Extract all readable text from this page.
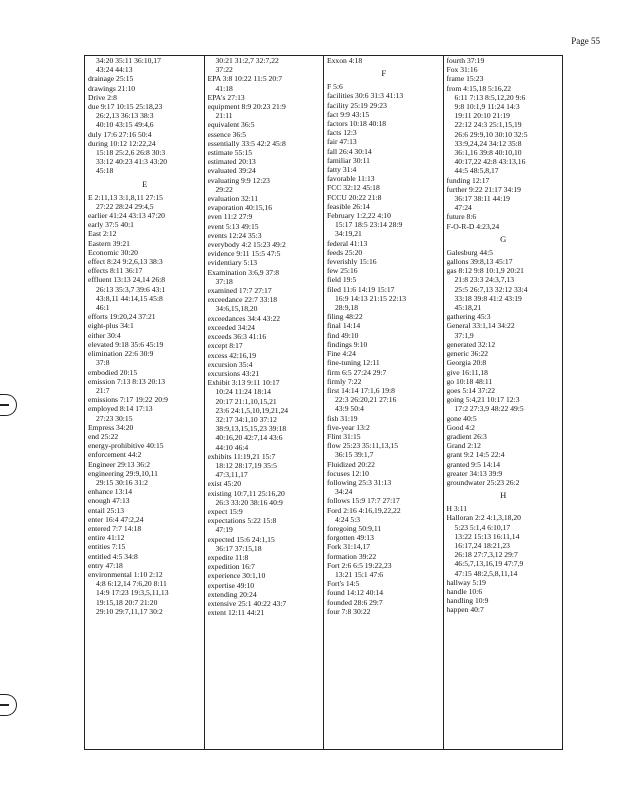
Page 55
34:20 35:11 36:10,17
43:24 44:13
drainage 25:15
drawings 21:10
Drive 2:8
due 9:17 10:15 25:18,23
26:2,13 36:13 38:3
40:10 43:15 49:4,6
duly 17:6 27:16 50:4
during 10:12 12:22,24
15:18 25:2,6 26:8 30:3
33:12 40:23 41:3 43:20
45:18
E
E 2:11,13 3:1,8,11 27:15
27:22 28:24 29:4,5
earlier 41:24 43:13 47:20
early 37:5 40:1
East 2:12
Eastern 39:21
Economic 30:20
effect 8:24 9:2,6,13 38:3
effects 8:11 36:17
effluent 13:13 24,14 26:8
26:13 35:3,7 39:6 43:1
43:8,11 44:14,15 45:8
46:1
efforts 19:20,24 37:21
eight-plus 34:1
either 30:4
elevated 9:18 35:6 45:19
elimination 22:6 30:9
37:8
embodied 20:15
emission 7:13 8:13 20:13
21:7
emissions 7:17 19:22 20:9
employed 8:14 17:13
27:23 30:15
Empress 34:20
end 25:22
energy-prohibitive 40:15
enforcement 44:2
Engineer 29:13 36:2
engineering 29:9,10,11
29:15 30:16 31:2
enhance 13:14
enough 47:13
entail 25:13
enter 16:4 47:2,24
entered 7:7 14:18
entire 41:12
entities 7:15
entitled 4:5 34:8
entry 47:18
environmental 1:10 2:12
4:8 6:12,14 7:6,20 8:11
14:9 17:23 19:3,5,11,13
19:15,18 20:7 21:20
29:10 29:7,11,17 30:2
30:21 31:2,7 32:7,22
37:22
EPA 3:8 10:22 11:5 20:7
41:18
EPA's 27:13
equipment 8:9 20:23 21:9
21:11
equivalent 36:5
essence 36:5
essentially 33:5 42:2 45:8
estimate 55:15
estimated 20:13
evaluated 39:24
evaluating 9:9 12:23
29:22
evaluation 32:11
evaporation 40:15,16
even 11:2 27:9
event 5:13 49:15
events 12:24 35:3
everybody 4:2 15:23 49:2
evidence 9:11 15:5 47:5
evidentiary 5:13
Examination 3:6,9 37:8
37:18
examined 17:7 27:17
exceedance 22:7 33:18
34:6,15,18,20
exceedances 34:4 43:22
exceeded 34:24
exceeds 36:3 41:16
except 8:17
excess 42:16,19
excursion 35:4
excursions 43:21
Exhibit 3:13 9:11 10:17
10:24 11:24 18:14
20:17 21:1,10,15,21
23:6 24:1,5,10,19,21,24
32:17 34:1,10 37:12
38:9,13,15,15,23 39:18
40:16,20 42:7,14 43:6
44:10 46:4
exhibits 11:19,21 15:7
18:12 28:17,19 35:5
47:3,11,17
exist 45:20
existing 10:7,11 25:16,20
26:3 33:20 38:16 40:9
expect 15:9
expectations 5:22 15:8
47:19
expected 15:6 24:1,15
36:17 37:15,18
expedite 11:8
expedition 16:7
experience 30:1,10
expertise 49:10
extending 20:24
extensive 25:1 40:22 43:7
extent 12:11 44:21
Exxon 4:18
F
F 5:6
facilities 30:6 31:3 41:13
facility 25:19 29:23
fact 9:9 43:15
factors 10:18 40:18
facts 12:3
fair 47:13
fall 26:4 30:14
familiar 30:11
fatty 31:4
favorable 11:13
FCC 32:12 45:18
FCCU 20:22 21:8
feasible 26:14
February 1:2,22 4:10
15:17 18:5 23:14 28:9
34:19,21
federal 41:13
feeds 25:20
feverishly 15:16
few 25:16
field 19:5
filed 11:6 14:19 15:17
16:9 14:13 21:15 22:13
28:9,18
filing 48:22
final 14:14
find 49:10
findings 9:10
Fine 4:24
fine-tuning 12:11
firm 6:5 27:24 29:7
firmly 7:22
first 14:14 17:1,6 19:8
22:3 26:20,21 27:16
43:9 50:4
fish 31:19
five-year 13:2
Flint 31:15
flow 25:23 35:11,13,15
36:15 39:1,7
Fluidized 20:22
focuses 12:10
following 25:3 31:13
34:24
follows 15:9 17:7 27:17
Ford 2:16 4:16,19,22,22
4:24 5:3
foregoing 50:9,11
forgotten 49:13
Fork 31:14,17
formation 39:22
Fort 2:6 6:5 19:22,23
13:21 15:1 47:6
Fort's 14:5
found 14:12 40:14
founded 28:6 29:7
four 7:8 30:22
fourth 37:19
Fox 31:16
frame 15:23
from 4:15,18 5:16,22
6:11 7:13 8:5,12,20 9:6
9:8 10:1,9 11:24 14:3
19:11 20:10 21:19
22:12 24:3 25:1,15,19
26:6 29:9,10 30:10 32:5
33:9,24,24 34:12 35:8
36:1,16 39:8 40:10,10
40:17,22 42:8 43:13,16
44:5 48:5,8,17
funding 12:17
further 9:22 21:17 34:19
36:17 38:11 44:19
47:24
future 8:6
F-O-R-D 4:23,24
G
Galesburg 44:5
gallons 39:8,13 45:17
gas 8:12 9:8 10:1,9 20:21
21:8 23:3 24:3,7,13
25:5 26:7,13 32:12 33:4
33:18 39:8 41:2 43:19
45:18,21
gathering 45:3
General 33:1,14 34:22
37:1,9
generated 32:12
generic 36:22
Georgia 20:8
give 16:11,18
go 10:18 48:11
goes 5:14 37:22
going 5:4,21 10:17 12:3
17:2 27:3,9 48:22 49:5
gone 40:5
Good 4:2
gradient 26:3
Grand 2:12
grant 9:2 14:5 22:4
granted 9:5 14:14
greater 34:13 39:9
groundwater 25:23 26:2
H
H 3:11
Halloran 2:2 4:1,3,18,20
5:23 5:1,4 6:10,17
13:22 15:13 16:11,14
16:17,24 18:21,23
26:18 27:7,3,12 29:7
46:5,7,13,16,19 47:7,9
47:15 48:2,5,8,11,14
hallway 5:19
handle 10:6
handling 10:9
happen 40:7
